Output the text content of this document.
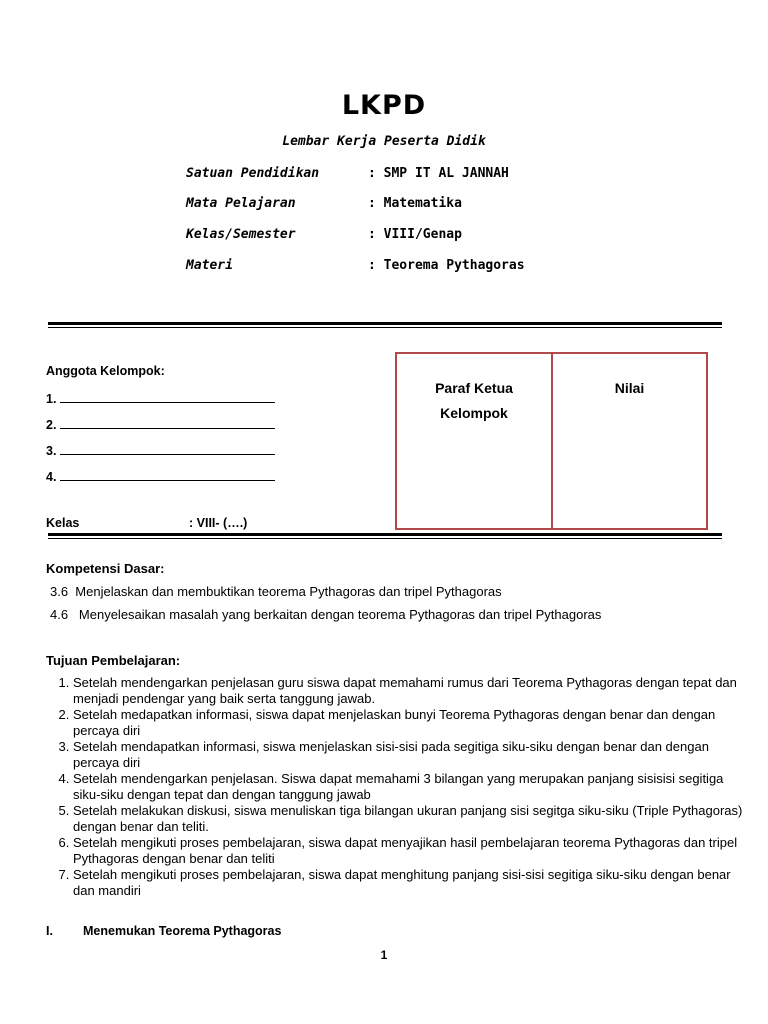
LKPD
Lembar Kerja Peserta Didik
Satuan Pendidikan	: SMP IT AL JANNAH
Mata Pelajaran	: Matematika
Kelas/Semester	: VIII/Genap
Materi	: Teorema Pythagoras
Anggota Kelompok:
1.
2.
3.
4.
Kelas	: VIII- (….)
Paraf Ketua
Kelompok
Nilai
Kompetensi Dasar:
3.6  Menjelaskan dan membuktikan teorema Pythagoras dan tripel Pythagoras
4.6   Menyelesaikan masalah yang berkaitan dengan teorema Pythagoras dan tripel Pythagoras
Tujuan Pembelajaran:
1. Setelah mendengarkan penjelasan guru siswa dapat memahami rumus dari Teorema Pythagoras dengan tepat dan menjadi pendengar yang baik serta tanggung jawab.
2. Setelah medapatkan informasi, siswa dapat menjelaskan bunyi Teorema Pythagoras dengan benar dan dengan percaya diri
3. Setelah mendapatkan informasi, siswa menjelaskan sisi-sisi pada segitiga siku-siku dengan benar dan dengan percaya diri
4. Setelah mendengarkan penjelasan. Siswa dapat memahami 3 bilangan yang merupakan panjang sisisisi segitiga siku-siku dengan tepat dan dengan tanggung jawab
5. Setelah melakukan diskusi, siswa menuliskan tiga bilangan ukuran panjang sisi segitga siku-siku (Triple Pythagoras) dengan benar dan teliti.
6. Setelah mengikuti proses pembelajaran, siswa dapat menyajikan hasil pembelajaran teorema Pythagoras dan tripel Pythagoras dengan benar dan teliti
7. Setelah mengikuti proses pembelajaran, siswa dapat menghitung panjang sisi-sisi segitiga siku-siku dengan benar dan mandiri
I. Menemukan Teorema Pythagoras
1
